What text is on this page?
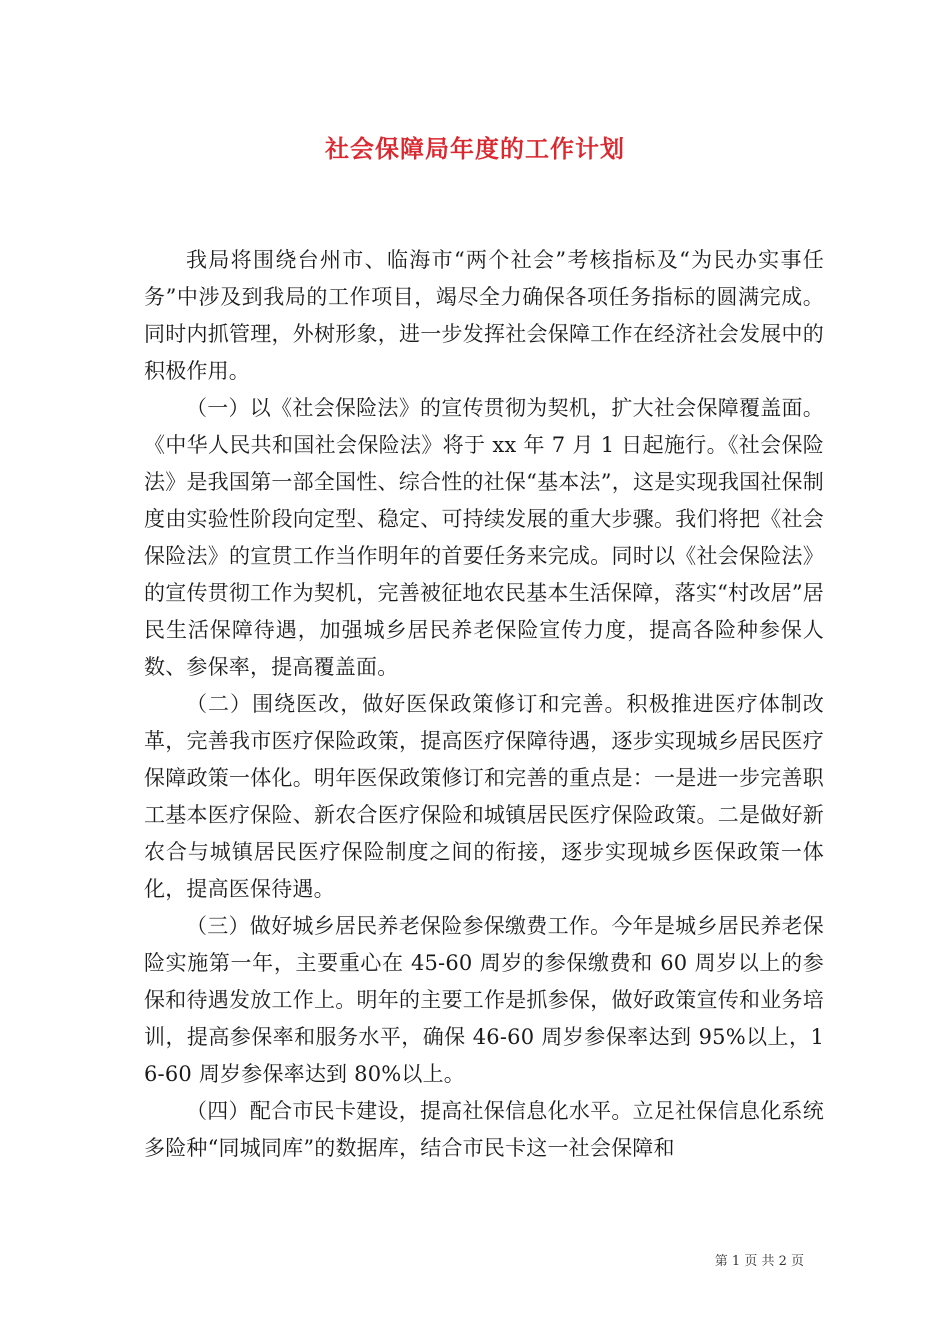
社会保障局年度的工作计划

我局将围绕台州市、临海市“两个社会”考核指标及“为民办实事任务”中涉及到我局的工作项目，竭尽全力确保各项任务指标的圆满完成。同时内抓管理，外树形象，进一步发挥社会保障工作在经济社会发展中的积极作用。

（一）以《社会保险法》的宣传贯彻为契机，扩大社会保障覆盖面。《中华人民共和国社会保险法》将于 xx 年 7 月 1 日起施行。《社会保险法》是我国第一部全国性、综合性的社保“基本法”，这是实现我国社保制度由实验性阶段向定型、稳定、可持续发展的重大步骤。我们将把《社会保险法》的宣贯工作当作明年的首要任务来完成。同时以《社会保险法》的宣传贯彻工作为契机，完善被征地农民基本生活保障，落实“村改居”居民生活保障待遇，加强城乡居民养老保险宣传力度，提高各险种参保人数、参保率，提高覆盖面。

（二）围绕医改，做好医保政策修订和完善。积极推进医疗体制改革，完善我市医疗保险政策，提高医疗保障待遇，逐步实现城乡居民医疗保障政策一体化。明年医保政策修订和完善的重点是：一是进一步完善职工基本医疗保险、新农合医疗保险和城镇居民医疗保险政策。二是做好新农合与城镇居民医疗保险制度之间的衔接，逐步实现城乡医保政策一体化，提高医保待遇。

（三）做好城乡居民养老保险参保缴费工作。今年是城乡居民养老保险实施第一年，主要重心在 45-60 周岁的参保缴费和 60 周岁以上的参保和待遇发放工作上。明年的主要工作是抓参保，做好政策宣传和业务培训，提高参保率和服务水平，确保 46-60 周岁参保率达到 95%以上，16-60 周岁参保率达到 80%以上。

（四）配合市民卡建设，提高社保信息化水平。立足社保信息化系统多险种“同城同库”的数据库，结合市民卡这一社会保障和

第 1 页 共 2 页
